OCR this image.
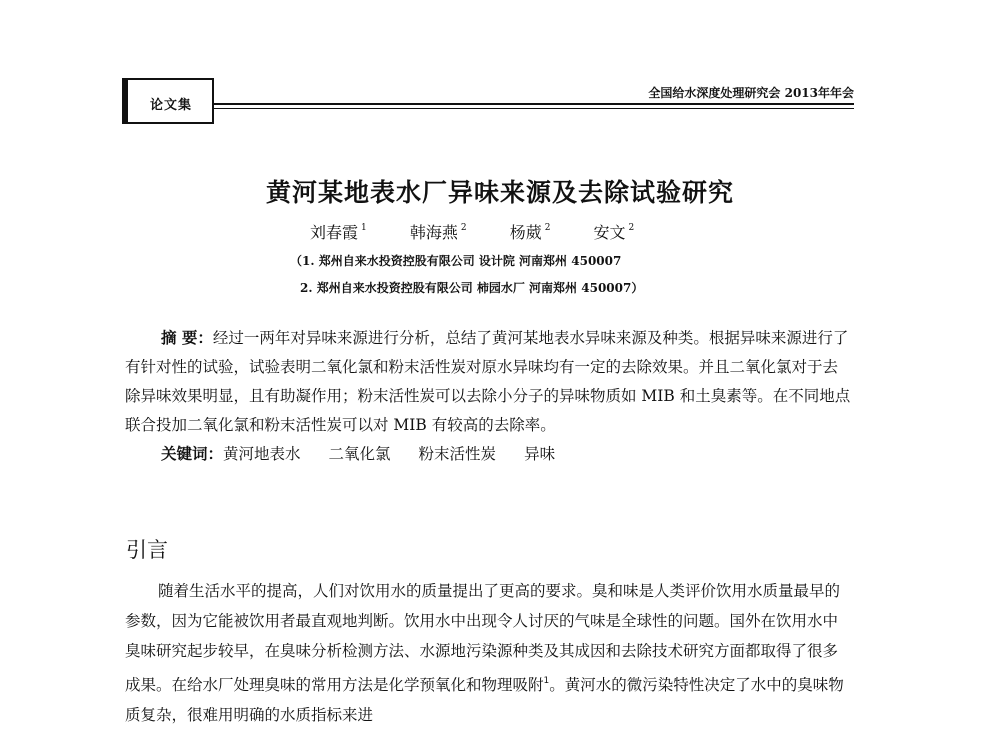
论文集
全国给水深度处理研究会 2013年年会
黄河某地表水厂异味来源及去除试验研究
刘春霞 $^1$	韩海燕 $^2$	杨葳 $^2$	安文 $^2$
（1. 郑州自来水投资控股有限公司 设计院 河南郑州 450007
2. 郑州自来水投资控股有限公司 柿园水厂 河南郑州 450007）

摘 要：经过一两年对异味来源进行分析，总结了黄河某地表水异味来源及种类。根据异味来源进行了有针对性的试验，试验表明二氧化氯和粉末活性炭对原水异味均有一定的去除效果。并且二氧化氯对于去除异味效果明显，且有助凝作用；粉末活性炭可以去除小分子的异味物质如 MIB 和土臭素等。在不同地点联合投加二氧化氯和粉末活性炭可以对 MIB 有较高的去除率。

关键词：黄河地表水 二氧化氯 粉末活性炭 异味

引言

随着生活水平的提高，人们对饮用水的质量提出了更高的要求。臭和味是人类评价饮用水质量最早的参数，因为它能被饮用者最直观地判断。饮用水中出现令人讨厌的气味是全球性的问题。国外在饮用水中臭味研究起步较早，在臭味分析检测方法、水源地污染源种类及其成因和去除技术研究方面都取得了很多成果。在给水厂处理臭味的常用方法是化学预氧化和物理吸附$^1$。黄河水的微污染特性决定了水中的臭味物质复杂，很难用明确的水质指标来进
